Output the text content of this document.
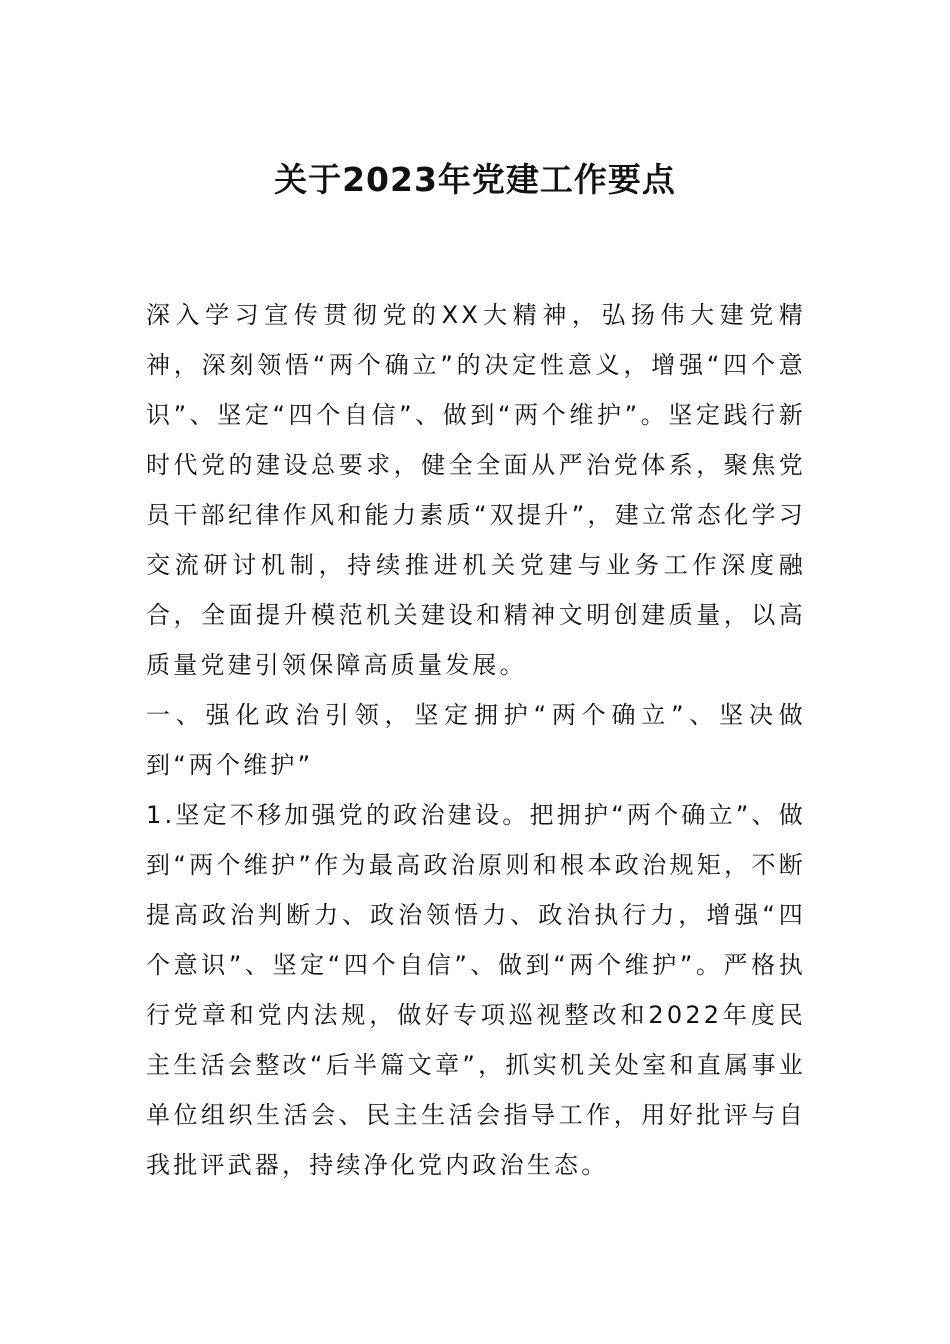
关于2023年党建工作要点

深入学习宣传贯彻党的XX大精神，弘扬伟大建党精神，深刻领悟“两个确立”的决定性意义，增强“四个意识”、坚定“四个自信”、做到“两个维护”。坚定践行新时代党的建设总要求，健全全面从严治党体系，聚焦党员干部纪律作风和能力素质“双提升”，建立常态化学习交流研讨机制，持续推进机关党建与业务工作深度融合，全面提升模范机关建设和精神文明创建质量，以高质量党建引领保障高质量发展。

一、强化政治引领，坚定拥护“两个确立”、坚决做到“两个维护”

1.坚定不移加强党的政治建设。把拥护“两个确立”、做到“两个维护”作为最高政治原则和根本政治规矩，不断提高政治判断力、政治领悟力、政治执行力，增强“四个意识”、坚定“四个自信”、做到“两个维护”。严格执行党章和党内法规，做好专项巡视整改和2022年度民主生活会整改“后半篇文章”，抓实机关处室和直属事业单位组织生活会、民主生活会指导工作，用好批评与自我批评武器，持续净化党内政治生态。
